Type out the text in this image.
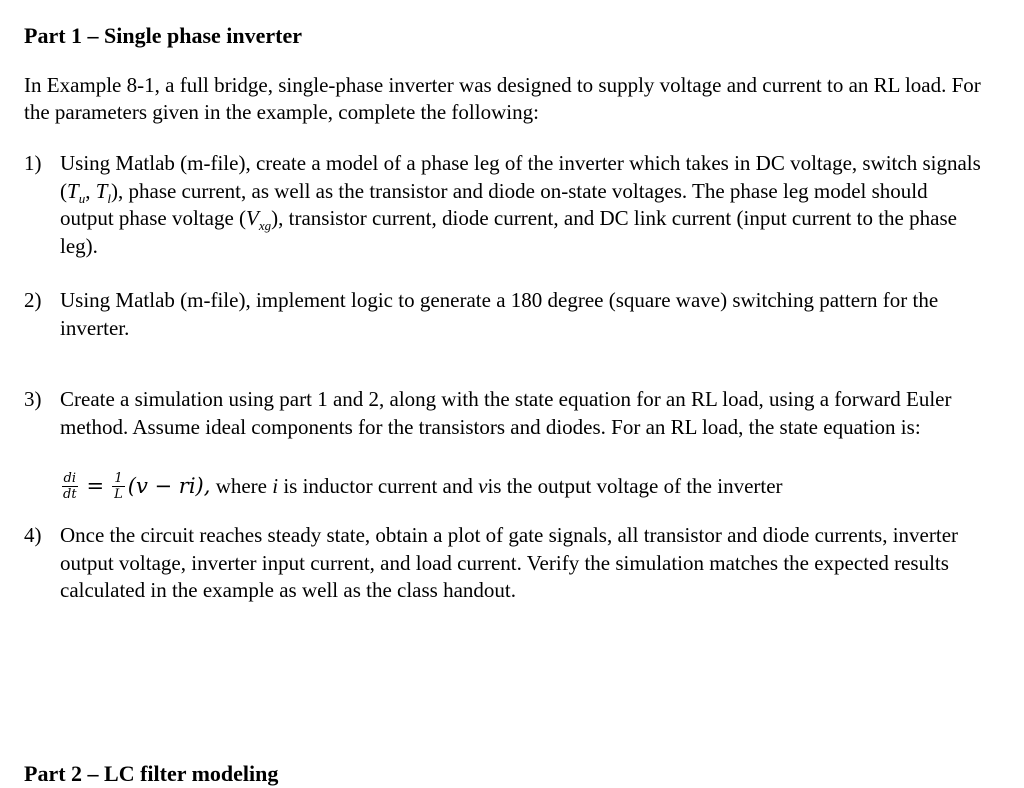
Part 1 – Single phase inverter

In Example 8-1, a full bridge, single-phase inverter was designed to supply voltage and current to an RL load. For the parameters given in the example, complete the following:

1) Using Matlab (m-file), create a model of a phase leg of the inverter which takes in DC voltage, switch signals ($T_u$, $T_l$), phase current, as well as the transistor and diode on-state voltages. The phase leg model should output phase voltage $(V_{xg})$, transistor current, diode current, and DC link current (input current to the phase leg).
2) Using Matlab (m-file), implement logic to generate a 180 degree (square wave) switching pattern for the inverter.
3) Create a simulation using part 1 and 2, along with the state equation for an RL load, using a forward Euler method. Assume ideal components for the transistors and diodes. For an RL load, the state equation is:
$\frac{di}{dt} = \frac{1}{L} (v - ri)$, where i is inductor current and v is the output voltage of the inverter
4) Once the circuit reaches steady state, obtain a plot of gate signals, all transistor and diode currents, inverter output voltage, inverter input current, and load current. Verify the simulation matches the expected results calculated in the example as well as the class handout.
Part 2 – LC filter modeling
